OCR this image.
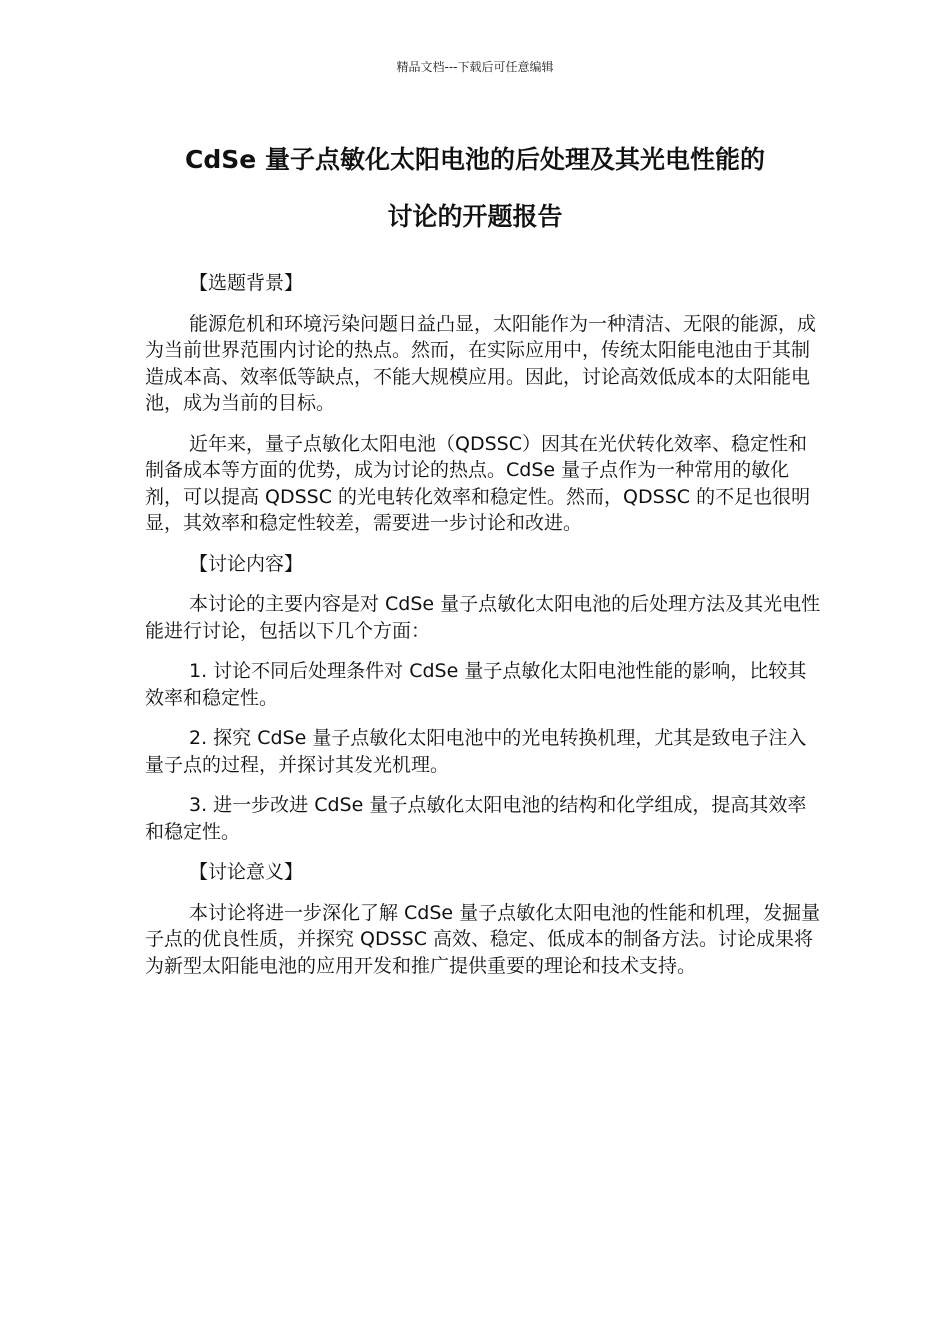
精品文档---下载后可任意编辑
CdSe 量子点敏化太阳电池的后处理及其光电性能的
讨论的开题报告
【选题背景】

能源危机和环境污染问题日益凸显，太阳能作为一种清洁、无限的能源，成为当前世界范围内讨论的热点。然而，在实际应用中，传统太阳能电池由于其制造成本高、效率低等缺点，不能大规模应用。因此，讨论高效低成本的太阳能电池，成为当前的目标。

近年来，量子点敏化太阳电池（QDSSC）因其在光伏转化效率、稳定性和制备成本等方面的优势，成为讨论的热点。CdSe 量子点作为一种常用的敏化剂，可以提高 QDSSC 的光电转化效率和稳定性。然而，QDSSC 的不足也很明显，其效率和稳定性较差，需要进一步讨论和改进。

【讨论内容】

本讨论的主要内容是对 CdSe 量子点敏化太阳电池的后处理方法及其光电性能进行讨论，包括以下几个方面：

1. 讨论不同后处理条件对 CdSe 量子点敏化太阳电池性能的影响，比较其效率和稳定性。

2. 探究 CdSe 量子点敏化太阳电池中的光电转换机理，尤其是致电子注入量子点的过程，并探讨其发光机理。

3. 进一步改进 CdSe 量子点敏化太阳电池的结构和化学组成，提高其效率和稳定性。

【讨论意义】

本讨论将进一步深化了解 CdSe 量子点敏化太阳电池的性能和机理，发掘量子点的优良性质，并探究 QDSSC 高效、稳定、低成本的制备方法。讨论成果将为新型太阳能电池的应用开发和推广提供重要的理论和技术支持。
